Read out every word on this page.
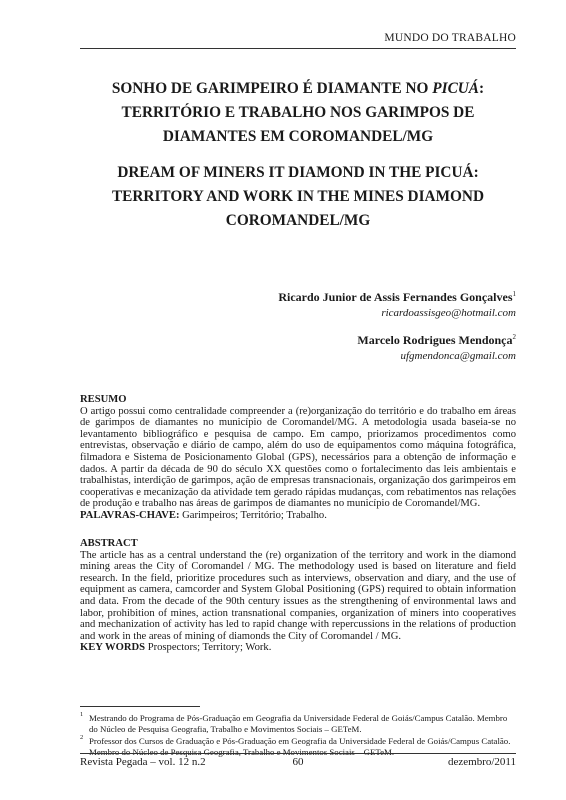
MUNDO DO TRABALHO
SONHO DE GARIMPEIRO É DIAMANTE NO PICUÁ:
TERRITÓRIO E TRABALHO NOS GARIMPOS DE
DIAMANTES EM COROMANDEL/MG
DREAM OF MINERS IT DIAMOND IN THE PICUÁ:
TERRITORY AND WORK IN THE MINES DIAMOND
COROMANDEL/MG
Ricardo Junior de Assis Fernandes Gonçalves$^1$
ricardoassisgeo@hotmail.com
Marcelo Rodrigues Mendonça$^2$
ufgmendonca@gmail.com
RESUMO
O artigo possui como centralidade compreender a (re)organização do território e do trabalho em áreas de garimpos de diamantes no município de Coromandel/MG. A metodologia usada baseia-se no levantamento bibliográfico e pesquisa de campo. Em campo, priorizamos procedimentos como entrevistas, observação e diário de campo, além do uso de equipamentos como máquina fotográfica, filmadora e Sistema de Posicionamento Global (GPS), necessários para a obtenção de informação e dados. A partir da década de 90 do século XX questões como o fortalecimento das leis ambientais e trabalhistas, interdição de garimpos, ação de empresas transnacionais, organização dos garimpeiros em cooperativas e mecanização da atividade tem gerado rápidas mudanças, com rebatimentos nas relações de produção e trabalho nas áreas de garimpos de diamantes no município de Coromandel/MG.
PALAVRAS-CHAVE: Garimpeiros; Território; Trabalho.
ABSTRACT
The article has as a central understand the (re) organization of the territory and work in the diamond mining areas the City of Coromandel / MG. The methodology used is based on literature and field research. In the field, prioritize procedures such as interviews, observation and diary, and the use of equipment as camera, camcorder and System Global Positioning (GPS) required to obtain information and data. From the decade of the 90th century issues as the strengthening of environmental laws and labor, prohibition of mines, action transnational companies, organization of miners into cooperatives and mechanization of activity has led to rapid change with repercussions in the relations of production and work in the areas of mining of diamonds the City of Coromandel / MG.
KEY WORDS Prospectors; Territory; Work.
1 Mestrando do Programa de Pós-Graduação em Geografia da Universidade Federal de Goiás/Campus Catalão. Membro do Núcleo de Pesquisa Geografia, Trabalho e Movimentos Sociais – GETeM.
2 Professor dos Cursos de Graduação e Pós-Graduação em Geografia da Universidade Federal de Goiás/Campus Catalão. Membro do Núcleo de Pesquisa Geografia, Trabalho e Movimentos Sociais – GETeM.
Revista Pegada – vol. 12 n.2	60	dezembro/2011
